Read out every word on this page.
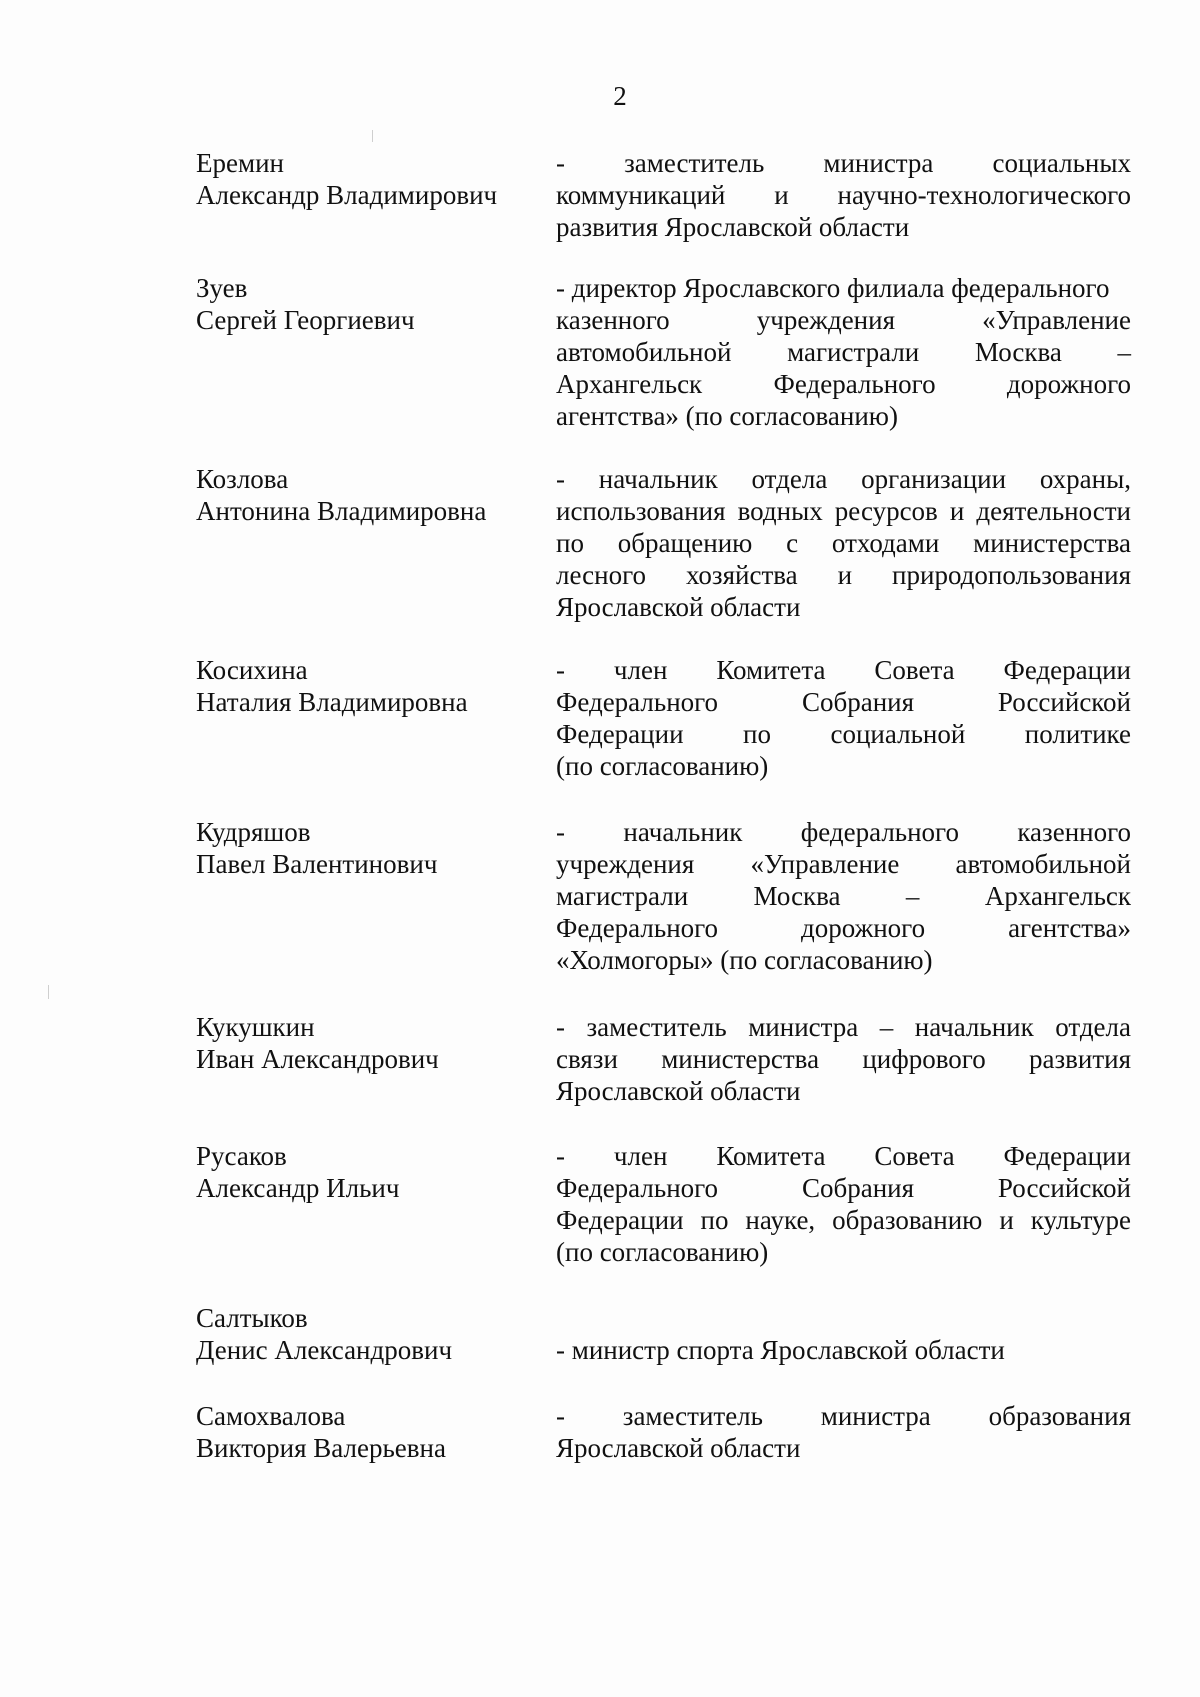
2
Еремин
Александр Владимирович
- заместитель министра социальных
коммуникаций и научно-технологического
развития Ярославской области
Зуев
Сергей Георгиевич
- директор Ярославского филиала федерального
казенного учреждения «Управление
автомобильной магистрали Москва –
Архангельск Федерального дорожного
агентства» (по согласованию)
Козлова
Антонина Владимировна
- начальник отдела организации охраны,
использования водных ресурсов и деятельности
по обращению с отходами министерства
лесного хозяйства и природопользования
Ярославской области
Косихина
Наталия Владимировна
- член Комитета Совета Федерации
Федерального Собрания Российской
Федерации по социальной политике
(по согласованию)
Кудряшов
Павел Валентинович
- начальник федерального казенного
учреждения «Управление автомобильной
магистрали Москва – Архангельск
Федерального дорожного агентства»
«Холмогоры» (по согласованию)
Кукушкин
Иван Александрович
- заместитель министра – начальник отдела
связи министерства цифрового развития
Ярославской области
Русаков
Александр Ильич
- член Комитета Совета Федерации
Федерального Собрания Российской
Федерации по науке, образованию и культуре
(по согласованию)
Салтыков
Денис Александрович	- министр спорта Ярославской области
Самохвалова
Виктория Валерьевна
- заместитель министра образования
Ярославской области
